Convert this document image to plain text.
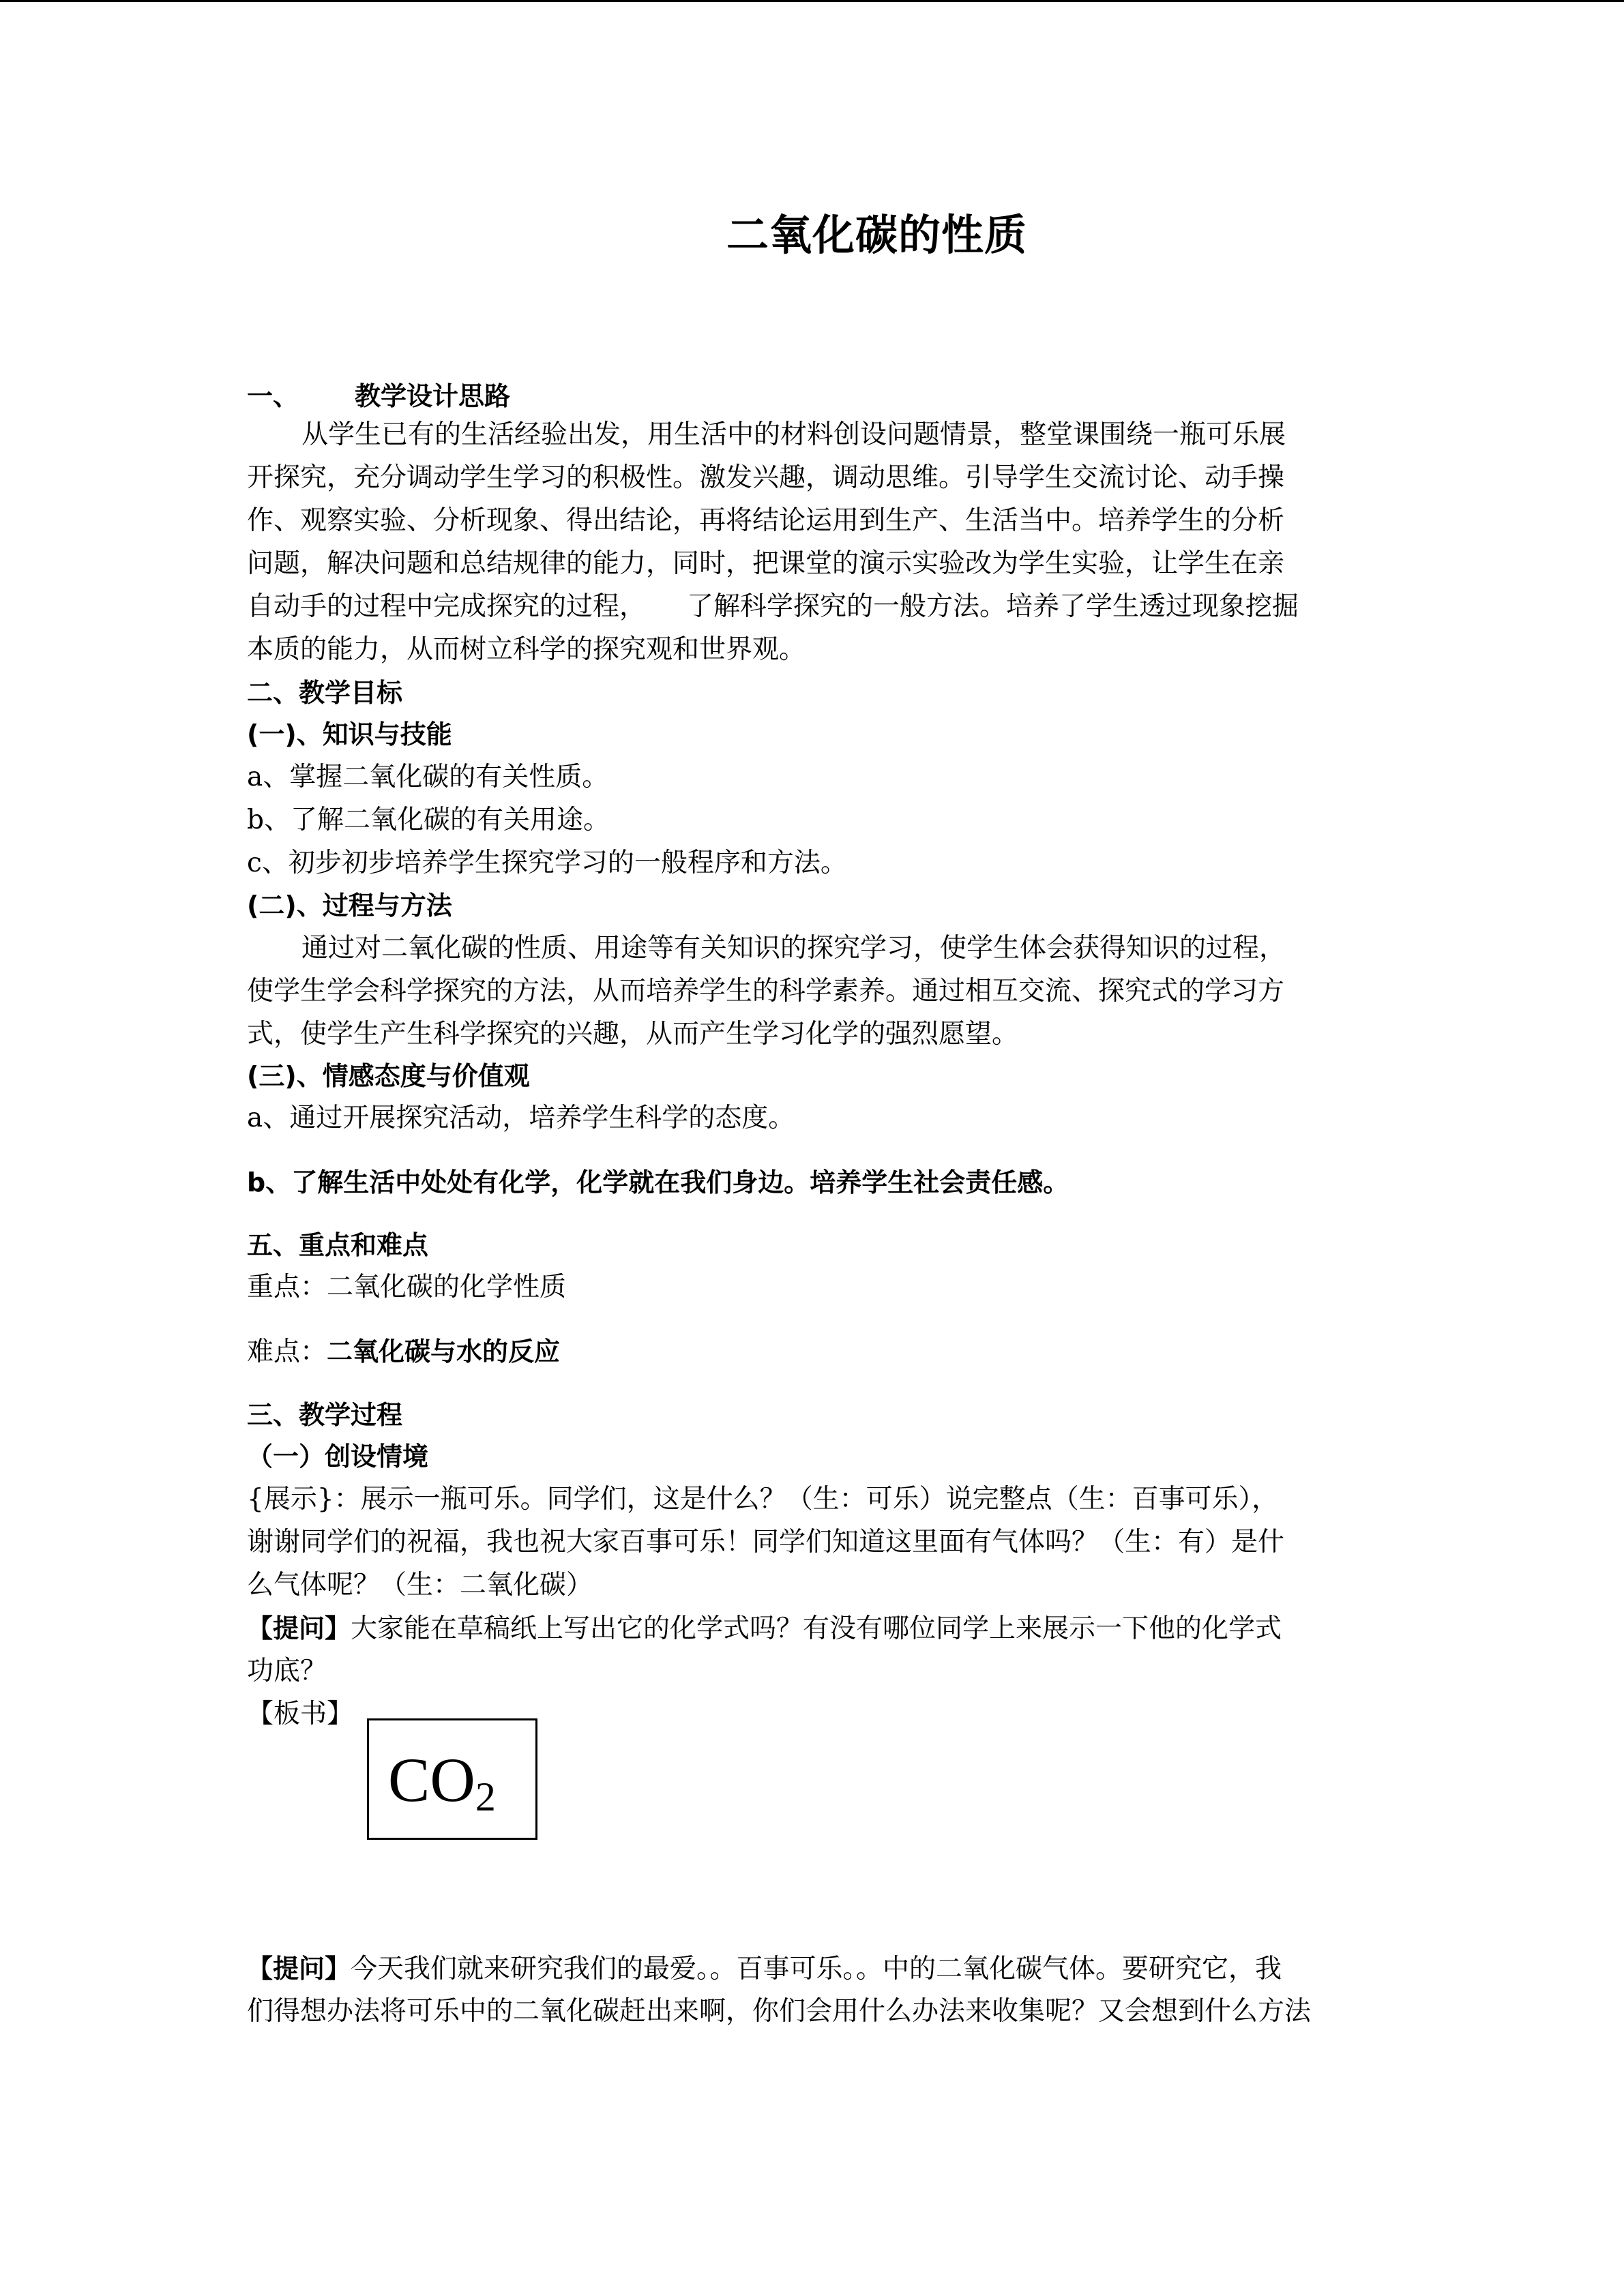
二氧化碳的性质
一、 教学设计思路
从学生已有的生活经验出发，用生活中的材料创设问题情景，整堂课围绕一瓶可乐展
开探究，充分调动学生学习的积极性。激发兴趣，调动思维。引导学生交流讨论、动手操
作、观察实验、分析现象、得出结论，再将结论运用到生产、生活当中。培养学生的分析
问题，解决问题和总结规律的能力，同时，把课堂的演示实验改为学生实验，让学生在亲
自动手的过程中完成探究的过程， 了解科学探究的一般方法。培养了学生透过现象挖掘
本质的能力，从而树立科学的探究观和世界观。
二、教学目标
(一)、知识与技能
a、掌握二氧化碳的有关性质。
b、了解二氧化碳的有关用途。
c、初步初步培养学生探究学习的一般程序和方法。
(二)、过程与方法
通过对二氧化碳的性质、用途等有关知识的探究学习，使学生体会获得知识的过程，
使学生学会科学探究的方法，从而培养学生的科学素养。通过相互交流、探究式的学习方
式，使学生产生科学探究的兴趣，从而产生学习化学的强烈愿望。
(三)、情感态度与价值观
a、通过开展探究活动，培养学生科学的态度。
b、了解生活中处处有化学，化学就在我们身边。培养学生社会责任感。
五、重点和难点
重点：二氧化碳的化学性质
难点：二氧化碳与水的反应
三、教学过程
（一）创设情境
{展示}：展示一瓶可乐。同学们，这是什么？（生：可乐）说完整点（生：百事可乐），
谢谢同学们的祝福，我也祝大家百事可乐！同学们知道这里面有气体吗？（生：有）是什
么气体呢？（生：二氧化碳）
【提问】大家能在草稿纸上写出它的化学式吗？有没有哪位同学上来展示一下他的化学式
功底？
【板书】
$CO_2$
【提问】今天我们就来研究我们的最爱。。百事可乐。。中的二氧化碳气体。要研究它，我
们得想办法将可乐中的二氧化碳赶出来啊，你们会用什么办法来收集呢？又会想到什么方法
